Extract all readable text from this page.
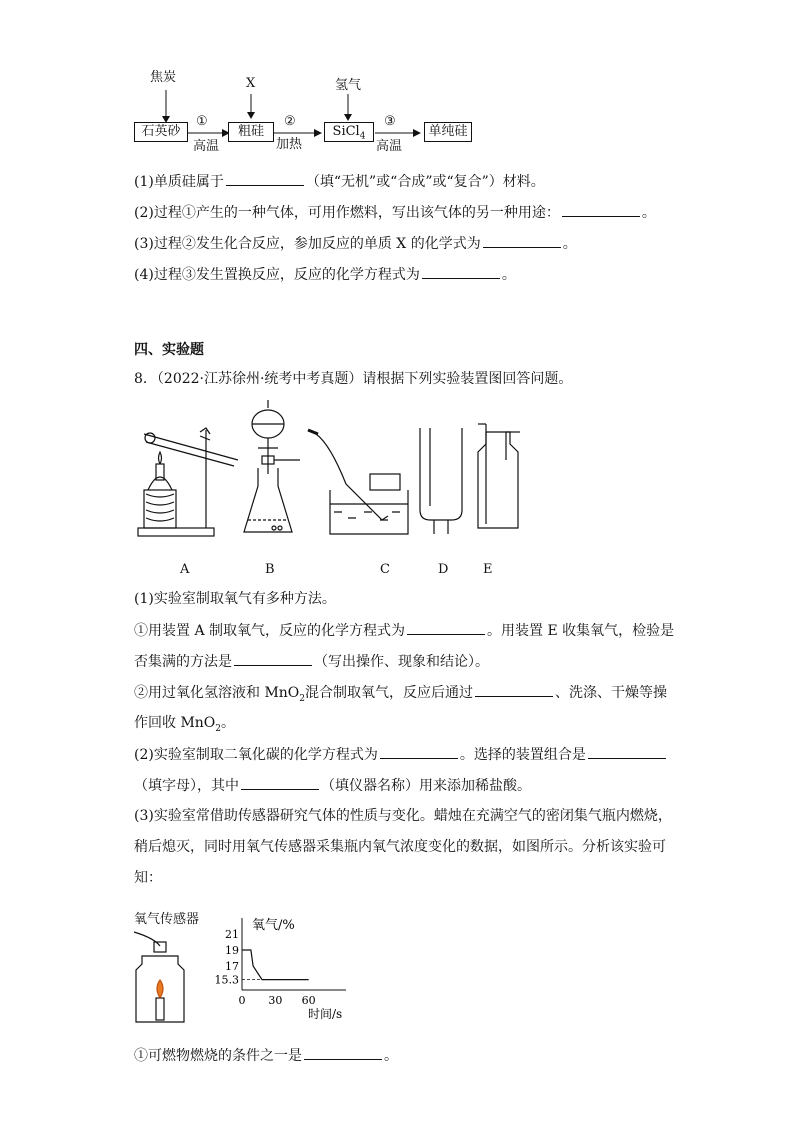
焦炭	X	氢气
石英砂	粗硅	SiCl$_4$	单纯硅
①	②	③
高温	加热	高温
(1)单质硅属于	（填“无机”或“合成”或“复合”）材料。
(2)过程①产生的一种气体，可用作燃料，写出该气体的另一种用途：	。
(3)过程②发生化合反应，参加反应的单质 X 的化学式为	。
(4)过程③发生置换反应，反应的化学方程式为	。
四、实验题
8．（2022·江苏徐州·统考中考真题）请根据下列实验装置图回答问题。
A	B	C	D	E
(1)实验室制取氧气有多种方法。
①用装置 A 制取氧气，反应的化学方程式为	。用装置 E 收集氧气，检验是
否集满的方法是	（写出操作、现象和结论）。
②用过氧化氢溶液和 MnO$_2$混合制取氧气，反应后通过	、洗涤、干燥等操
作回收 MnO$_2$。
(2)实验室制取二氧化碳的化学方程式为	。选择的装置组合是
（填字母），其中	（填仪器名称）用来添加稀盐酸。
(3)实验室常借助传感器研究气体的性质与变化。蜡烛在充满空气的密闭集气瓶内燃烧，
稍后熄灭，同时用氧气传感器采集瓶内氧气浓度变化的数据，如图所示。分析该实验可
知：
氧气传感器	氧气/%
时间/s
21
19
17
15.3
0 30 60
①可燃物燃烧的条件之一是	。
